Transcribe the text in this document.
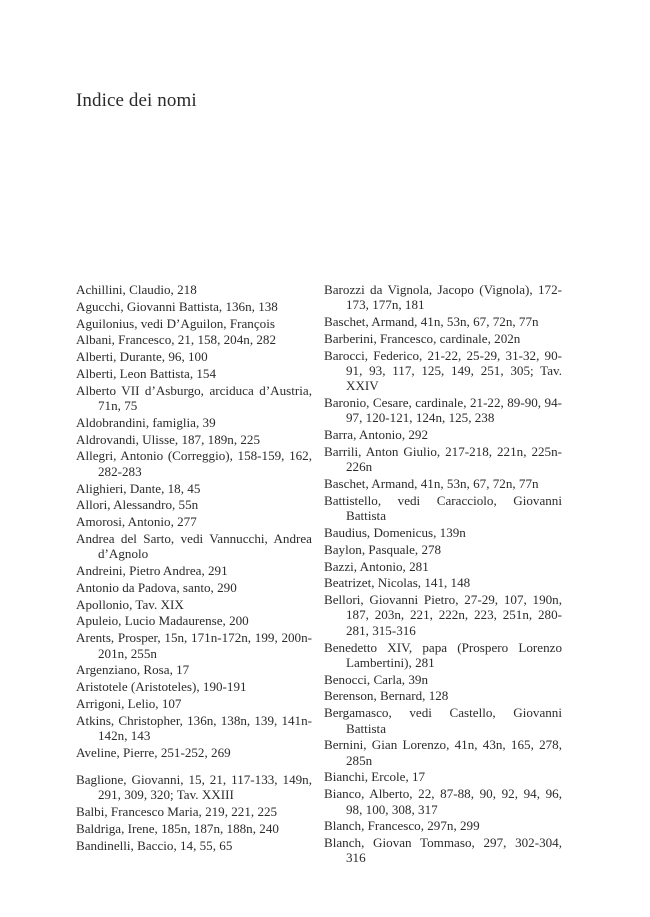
Indice dei nomi

Achillini, Claudio, 218

Agucchi, Giovanni Battista, 136n, 138

Aguilonius, vedi D’Aguilon, François

Albani, Francesco, 21, 158, 204n, 282

Alberti, Durante, 96, 100

Alberti, Leon Battista, 154

Alberto VII d’Asburgo, arciduca d’Austria, 71n, 75

Aldobrandini, famiglia, 39

Aldrovandi, Ulisse, 187, 189n, 225

Allegri, Antonio (Correggio), 158-159, 162, 282-283

Alighieri, Dante, 18, 45

Allori, Alessandro, 55n

Amorosi, Antonio, 277

Andrea del Sarto, vedi Vannucchi, Andrea d’Agnolo

Andreini, Pietro Andrea, 291

Antonio da Padova, santo, 290

Apollonio, Tav. XIX

Apuleio, Lucio Madaurense, 200

Arents, Prosper, 15n, 171n-172n, 199, 200n-201n, 255n

Argenziano, Rosa, 17

Aristotele (Aristoteles), 190-191

Arrigoni, Lelio, 107

Atkins, Christopher, 136n, 138n, 139, 141n-142n, 143

Aveline, Pierre, 251-252, 269

Baglione, Giovanni, 15, 21, 117-133, 149n, 291, 309, 320; Tav. XXIII

Balbi, Francesco Maria, 219, 221, 225

Baldriga, Irene, 185n, 187n, 188n, 240

Bandinelli, Baccio, 14, 55, 65

Barozzi da Vignola, Jacopo (Vignola), 172-173, 177n, 181

Baschet, Armand, 41n, 53n, 67, 72n, 77n

Barberini, Francesco, cardinale, 202n

Barocci, Federico, 21-22, 25-29, 31-32, 90-91, 93, 117, 125, 149, 251, 305; Tav. XXIV

Baronio, Cesare, cardinale, 21-22, 89-90, 94-97, 120-121, 124n, 125, 238

Barra, Antonio, 292

Barrili, Anton Giulio, 217-218, 221n, 225n-226n

Baschet, Armand, 41n, 53n, 67, 72n, 77n

Battistello, vedi Caracciolo, Giovanni Battista

Baudius, Domenicus, 139n

Baylon, Pasquale, 278

Bazzi, Antonio, 281

Beatrizet, Nicolas, 141, 148

Bellori, Giovanni Pietro, 27-29, 107, 190n, 187, 203n, 221, 222n, 223, 251n, 280-281, 315-316

Benedetto XIV, papa (Prospero Lorenzo Lambertini), 281

Benocci, Carla, 39n

Berenson, Bernard, 128

Bergamasco, vedi Castello, Giovanni Battista

Bernini, Gian Lorenzo, 41n, 43n, 165, 278, 285n

Bianchi, Ercole, 17

Bianco, Alberto, 22, 87-88, 90, 92, 94, 96, 98, 100, 308, 317

Blanch, Francesco, 297n, 299

Blanch, Giovan Tommaso, 297, 302-304, 316
